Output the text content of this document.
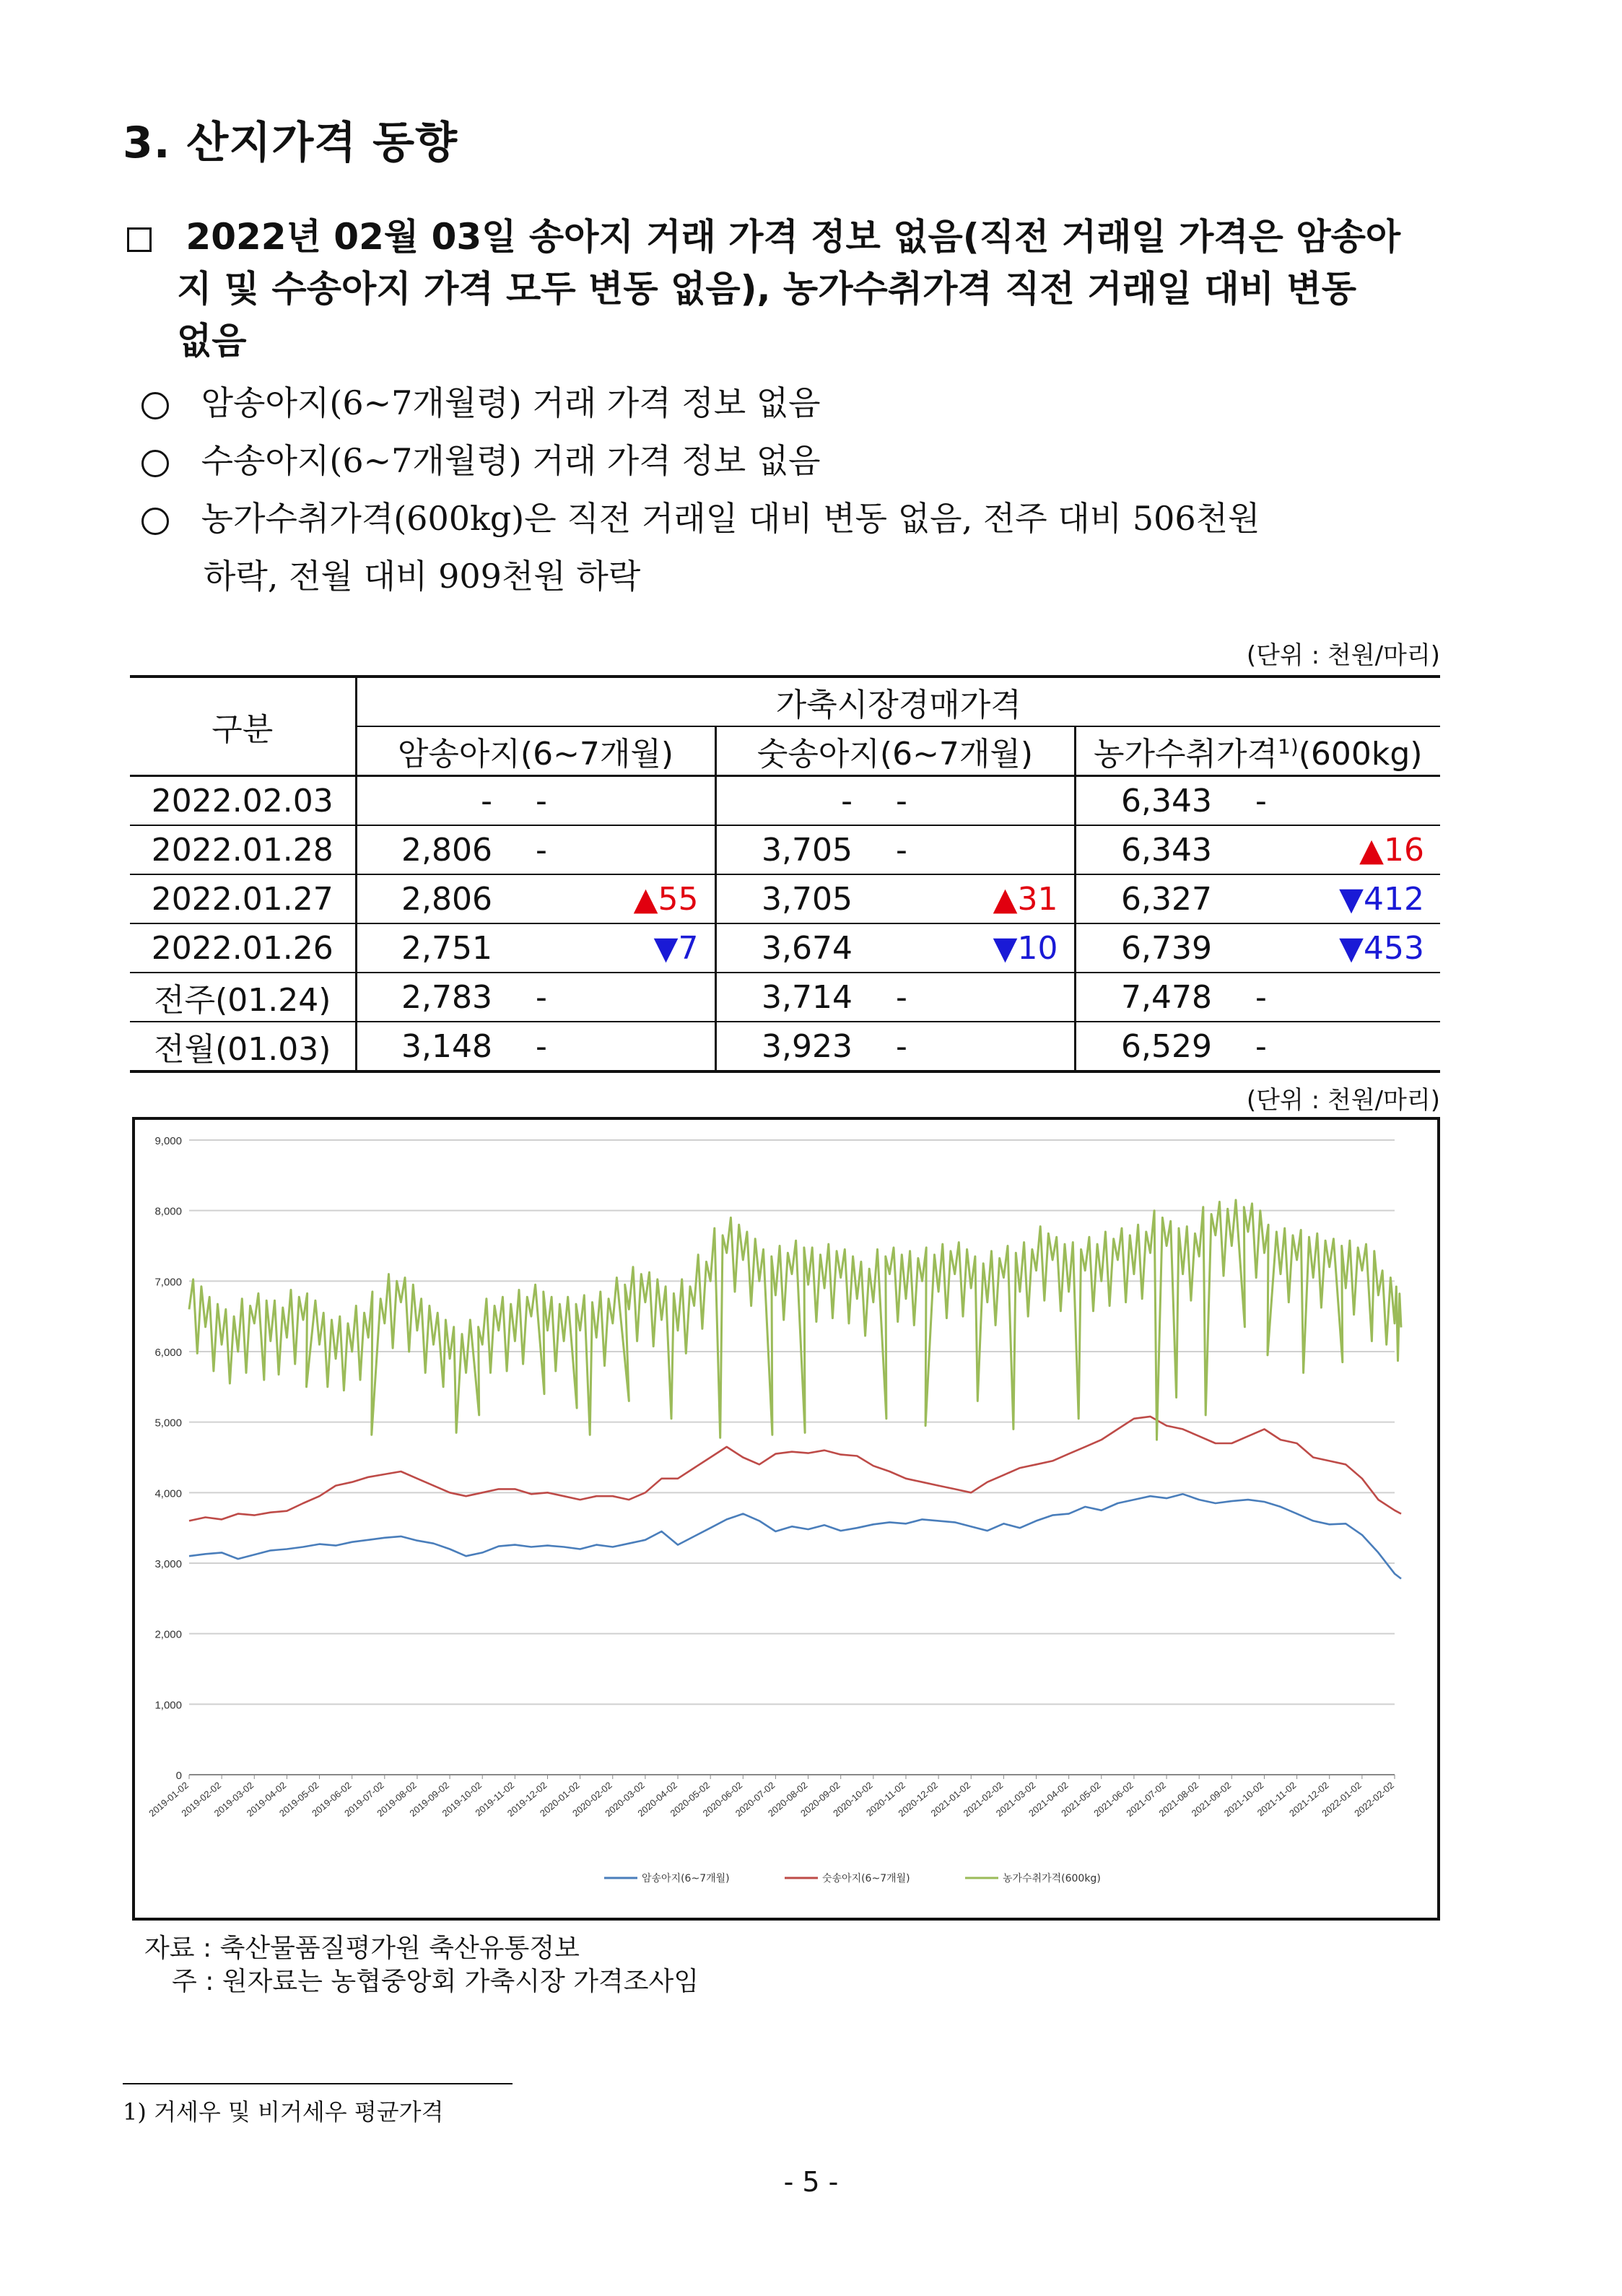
3. 산지가격 동향
2022년 02월 03일 송아지 거래 가격 정보 없음(직전 거래일 가격은 암송아
지 및 수송아지 가격 모두 변동 없음), 농가수취가격 직전 거래일 대비 변동
없음
암송아지(6~7개월령) 거래 가격 정보 없음
수송아지(6~7개월령) 거래 가격 정보 없음
농가수취가격(600kg)은 직전 거래일 대비 변동 없음, 전주 대비 506천원
하락, 전월 대비 909천원 하락
(단위 : 천원/마리)
구분	가축시장경매가격					
	암송아지(6~7개월)		숫송아지(6~7개월)		농가수취가격$^{1)}$(600kg)	
2022.02.03	-	-	-	-	6,343	-
2022.01.28	2,806	-	3,705	-	6,343	▲16
2022.01.27	2,806	▲55	3,705	▲31	6,327	▼412
2022.01.26	2,751	▼7	3,674	▼10	6,739	▼453
전주(01.24)	2,783	-	3,714	-	7,478	-
전월(01.03)	3,148	-	3,923	-	6,529	-
(단위 : 천원/마리)
0
1,000
2,000
3,000
4,000
5,000
6,000
7,000
8,000
9,000
2019-01-02
2019-02-02
2019-03-02
2019-04-02
2019-05-02
2019-06-02
2019-07-02
2019-08-02
2019-09-02
2019-10-02
2019-11-02
2019-12-02
2020-01-02
2020-02-02
2020-03-02
2020-04-02
2020-05-02
2020-06-02
2020-07-02
2020-08-02
2020-09-02
2020-10-02
2020-11-02
2020-12-02
2021-01-02
2021-02-02
2021-03-02
2021-04-02
2021-05-02
2021-06-02
2021-07-02
2021-08-02
2021-09-02
2021-10-02
2021-11-02
2021-12-02
2022-01-02
2022-02-02
암송아지(6~7개월)	숫송아지(6~7개월)	농가수취가격(600kg)
자료 : 축산물품질평가원 축산유통정보
주 : 원자료는 농협중앙회 가축시장 가격조사임
1) 거세우 및 비거세우 평균가격
- 5 -
